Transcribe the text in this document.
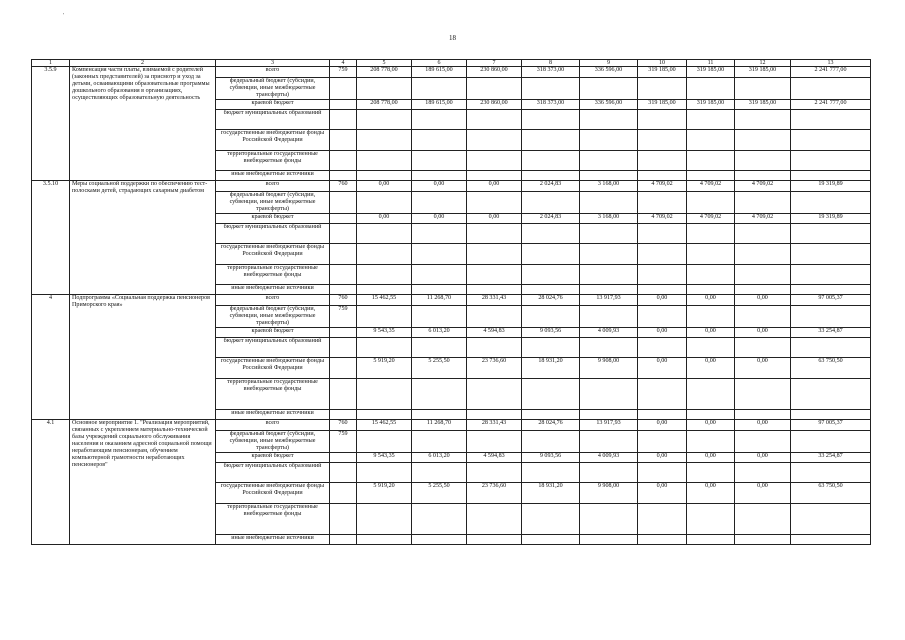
'
18
1	2	3	4	5	6	7	8	9	10	11	12	13
3.5.9	Компенсация части платы, взимаемой с родителей (законных представителей) за присмотр и уход за детьми, осваивающими образовательные программы дошкольного образования в организациях, осуществляющих образовательную деятельность	всего	759	208 778,00	189 615,00	230 860,00	318 373,00	336 596,00	319 185,00	319 185,00	319 185,00	2 241 777,00
		федеральный бюджет (субсидии, субвенции, иные межбюджетные трансферты)										
		краевой бюджет		208 778,00	189 615,00	230 860,00	318 373,00	336 596,00	319 185,00	319 185,00	319 185,00	2 241 777,00
		бюджет муниципальных образований										
		государственные внебюджетные фонды Российской Федерации										
		территориальные государственные внебюджетные фонды										
		иные внебюджетные источники										
3.5.10	Меры социальной поддержки по обеспечению тест-полосками детей, страдающих сахарным диабетом	всего	760	0,00	0,00	0,00	2 024,83	3 168,00	4 709,02	4 709,02	4 709,02	19 319,89
		федеральный бюджет (субсидии, субвенции, иные межбюджетные трансферты)										
		краевой бюджет		0,00	0,00	0,00	2 024,83	3 168,00	4 709,02	4 709,02	4 709,02	19 319,89
		бюджет муниципальных образований										
		государственные внебюджетные фонды Российской Федерации										
		территориальные государственные внебюджетные фонды										
		иные внебюджетные источники										
4	Подпрограмма «Социальная поддержка пенсионеров Приморского края»	всего	760	15 462,55	11 268,70	28 331,43	28 024,76	13 917,93	0,00	0,00	0,00	97 005,37
		федеральный бюджет (субсидии, субвенции, иные межбюджетные трансферты)	759									
		краевой бюджет		9 543,35	6 013,20	4 594,83	9 093,56	4 009,93	0,00	0,00	0,00	33 254,87
		бюджет муниципальных образований										
		государственные внебюджетные фонды Российской Федерации		5 919,20	5 255,50	23 736,60	18 931,20	9 908,00	0,00	0,00	0,00	63 750,50
		территориальные государственные внебюджетные фонды										
		иные внебюджетные источники										
4.1	Основное мероприятие 1. "Реализация мероприятий, связанных с укреплением материально-технической базы учреждений социального обслуживания населения и оказанием адресной социальной помощи неработающим пенсионерам, обучением компьютерной грамотности неработающих пенсионеров"	всего	760	15 462,55	11 268,70	28 331,43	28 024,76	13 917,93	0,00	0,00	0,00	97 005,37
		федеральный бюджет (субсидии, субвенции, иные межбюджетные трансферты)	759									
		краевой бюджет		9 543,35	6 013,20	4 594,83	9 093,56	4 009,93	0,00	0,00	0,00	33 254,87
		бюджет муниципальных образований										
		государственные внебюджетные фонды Российской Федерации		5 919,20	5 255,50	23 736,60	18 931,20	9 908,00	0,00	0,00	0,00	63 750,50
		территориальные государственные внебюджетные фонды										
		иные внебюджетные источники										
